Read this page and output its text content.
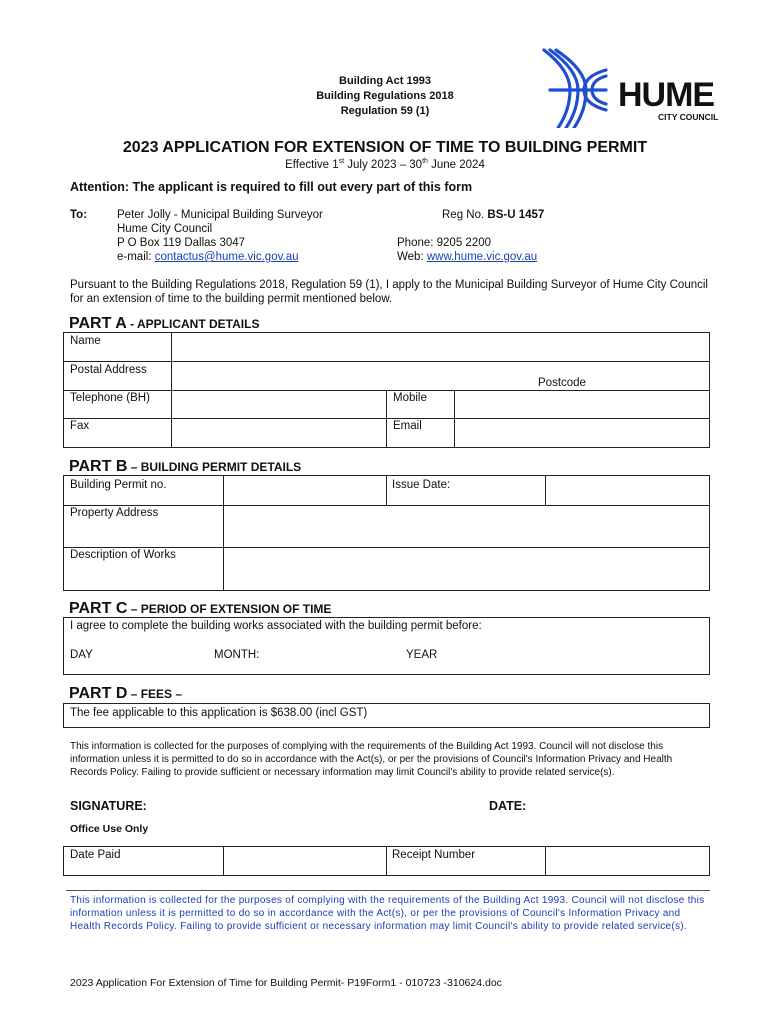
Building Act 1993
Building Regulations 2018
Regulation 59 (1)	HUME
CITY COUNCIL
2023 APPLICATION FOR EXTENSION OF TIME TO BUILDING PERMIT
Effective 1st July 2023 – 30th June 2024
Attention: The applicant is required to fill out every part of this form
To:	Peter Jolly - Municipal Building Surveyor
Hume City Council
P O Box 119 Dallas 3047
e-mail: contactus@hume.vic.gov.au
Reg No. BS-U 1457
Phone: 9205 2200
Web: www.hume.vic.gov.au
Pursuant to the Building Regulations 2018, Regulation 59 (1), I apply to the Municipal Building Surveyor of Hume City Council for an extension of time to the building permit mentioned below.
PART A - APPLICANT DETAILS
Name
Postal Address
Postcode
Telephone (BH)	Mobile
Fax	Email
PART B – BUILDING PERMIT DETAILS
Building Permit no.	Issue Date:
Property Address
Description of Works
PART C – PERIOD OF EXTENSION OF TIME
I agree to complete the building works associated with the building permit before:
DAY	MONTH:	YEAR
PART D – FEES –
The fee applicable to this application is $638.00 (incl GST)
This information is collected for the purposes of complying with the requirements of the Building Act 1993. Council will not disclose this information unless it is permitted to do so in accordance with the Act(s), or per the provisions of Council's Information Privacy and Health Records Policy. Failing to provide sufficient or necessary information may limit Council's ability to provide related service(s).
SIGNATURE:	DATE:
Office Use Only
Date Paid	Receipt Number
This information is collected for the purposes of complying with the requirements of the Building Act 1993. Council will not disclose this information unless it is permitted to do so in accordance with the Act(s), or per the provisions of Council's Information Privacy and Health Records Policy. Failing to provide sufficient or necessary information may limit Council's ability to provide related service(s).
2023 Application For Extension of Time for Building Permit- P19Form1 - 010723 -310624.doc
